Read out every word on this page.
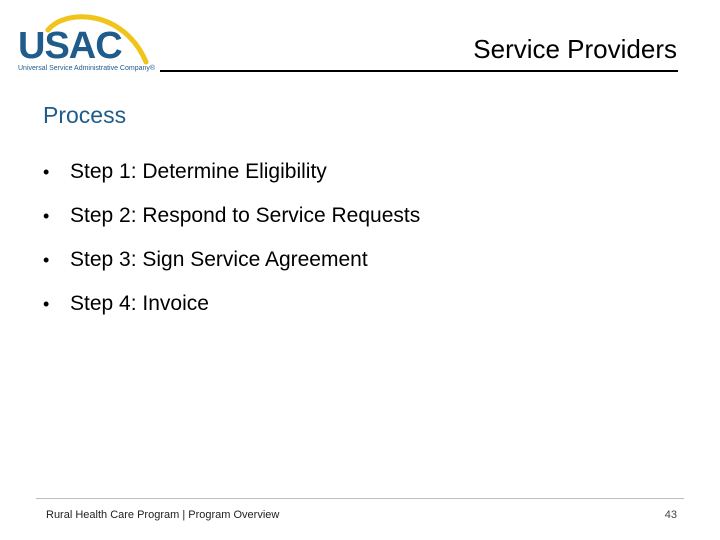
USAC
Universal Service Administrative Company®
Service Providers
Process
• Step 1: Determine Eligibility
• Step 2: Respond to Service Requests
• Step 3: Sign Service Agreement
• Step 4: Invoice
Rural Health Care Program | Program Overview	43
